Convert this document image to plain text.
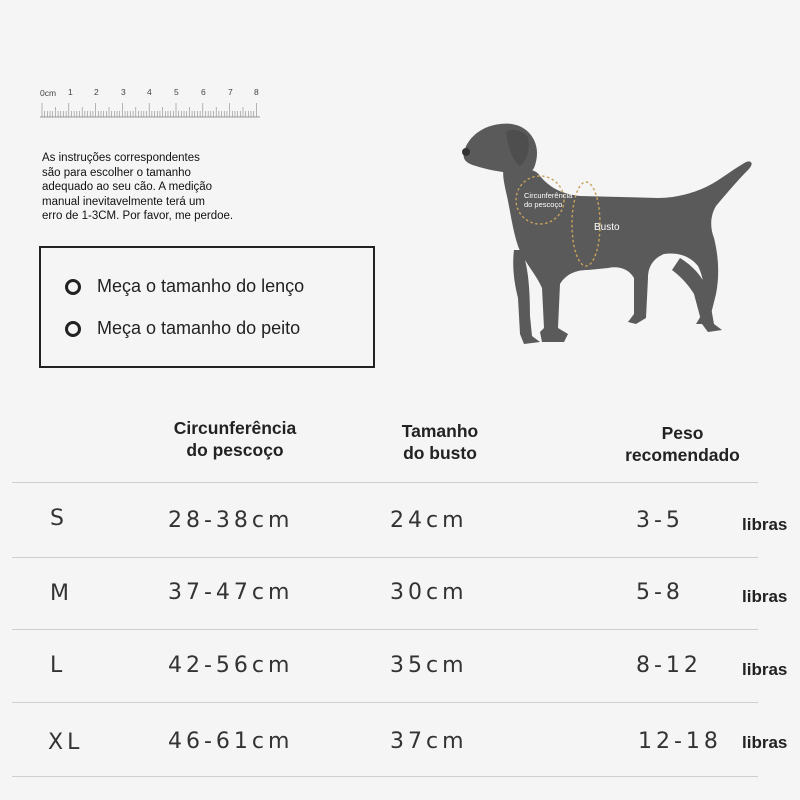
0cm 1	2	3	4	5	6	7	8
As instruções correspondentes
são para escolher o tamanho
adequado ao seu cão. A medição
manual inevitavelmente terá um
erro de 1-3CM. Por favor, me perdoe.
Meça o tamanho do lenço
Meça o tamanho do peito
Circunferência do pescoço
Busto
Circunferência
do pescoço
Tamanho
do busto
Peso
recomendado
S	28-38cm	24cm	3-5	libras
M	37-47cm	30cm	5-8	libras
L	42-56cm	35cm	8-12 libras
XL	46-61cm	37cm	12-18 libras
